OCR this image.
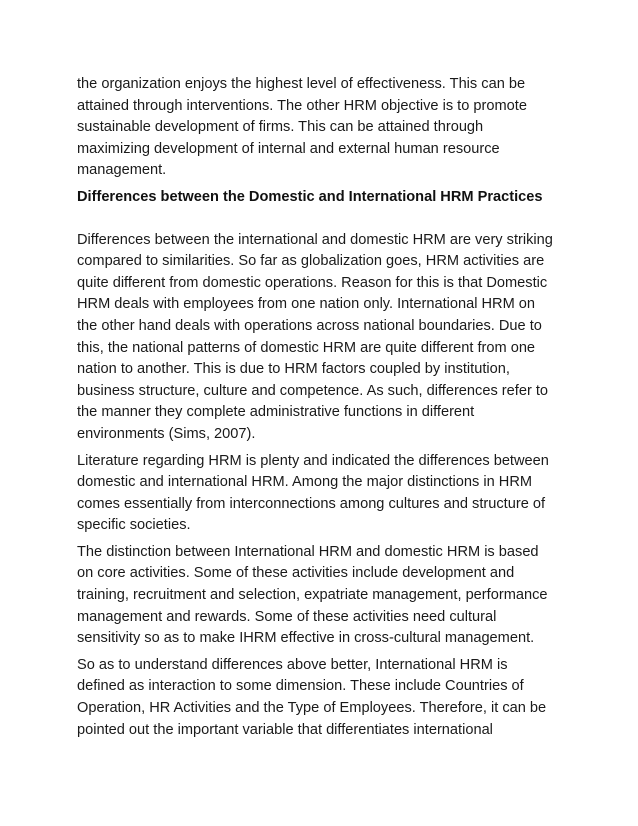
the organization enjoys the highest level of effectiveness. This can be attained through interventions. The other HRM objective is to promote sustainable development of firms. This can be attained through maximizing development of internal and external human resource management.

Differences between the Domestic and International HRM Practices

Differences between the international and domestic HRM are very striking compared to similarities. So far as globalization goes, HRM activities are quite different from domestic operations. Reason for this is that Domestic HRM deals with employees from one nation only. International HRM on the other hand deals with operations across national boundaries. Due to this, the national patterns of domestic HRM are quite different from one nation to another. This is due to HRM factors coupled by institution, business structure, culture and competence. As such, differences refer to the manner they complete administrative functions in different environments (Sims, 2007).

Literature regarding HRM is plenty and indicated the differences between domestic and international HRM. Among the major distinctions in HRM comes essentially from interconnections among cultures and structure of specific societies.

The distinction between International HRM and domestic HRM is based on core activities. Some of these activities include development and training, recruitment and selection, expatriate management, performance management and rewards. Some of these activities need cultural sensitivity so as to make IHRM effective in cross-cultural management.

So as to understand differences above better, International HRM is defined as interaction to some dimension. These include Countries of Operation, HR Activities and the Type of Employees. Therefore, it can be pointed out the important variable that differentiates international
